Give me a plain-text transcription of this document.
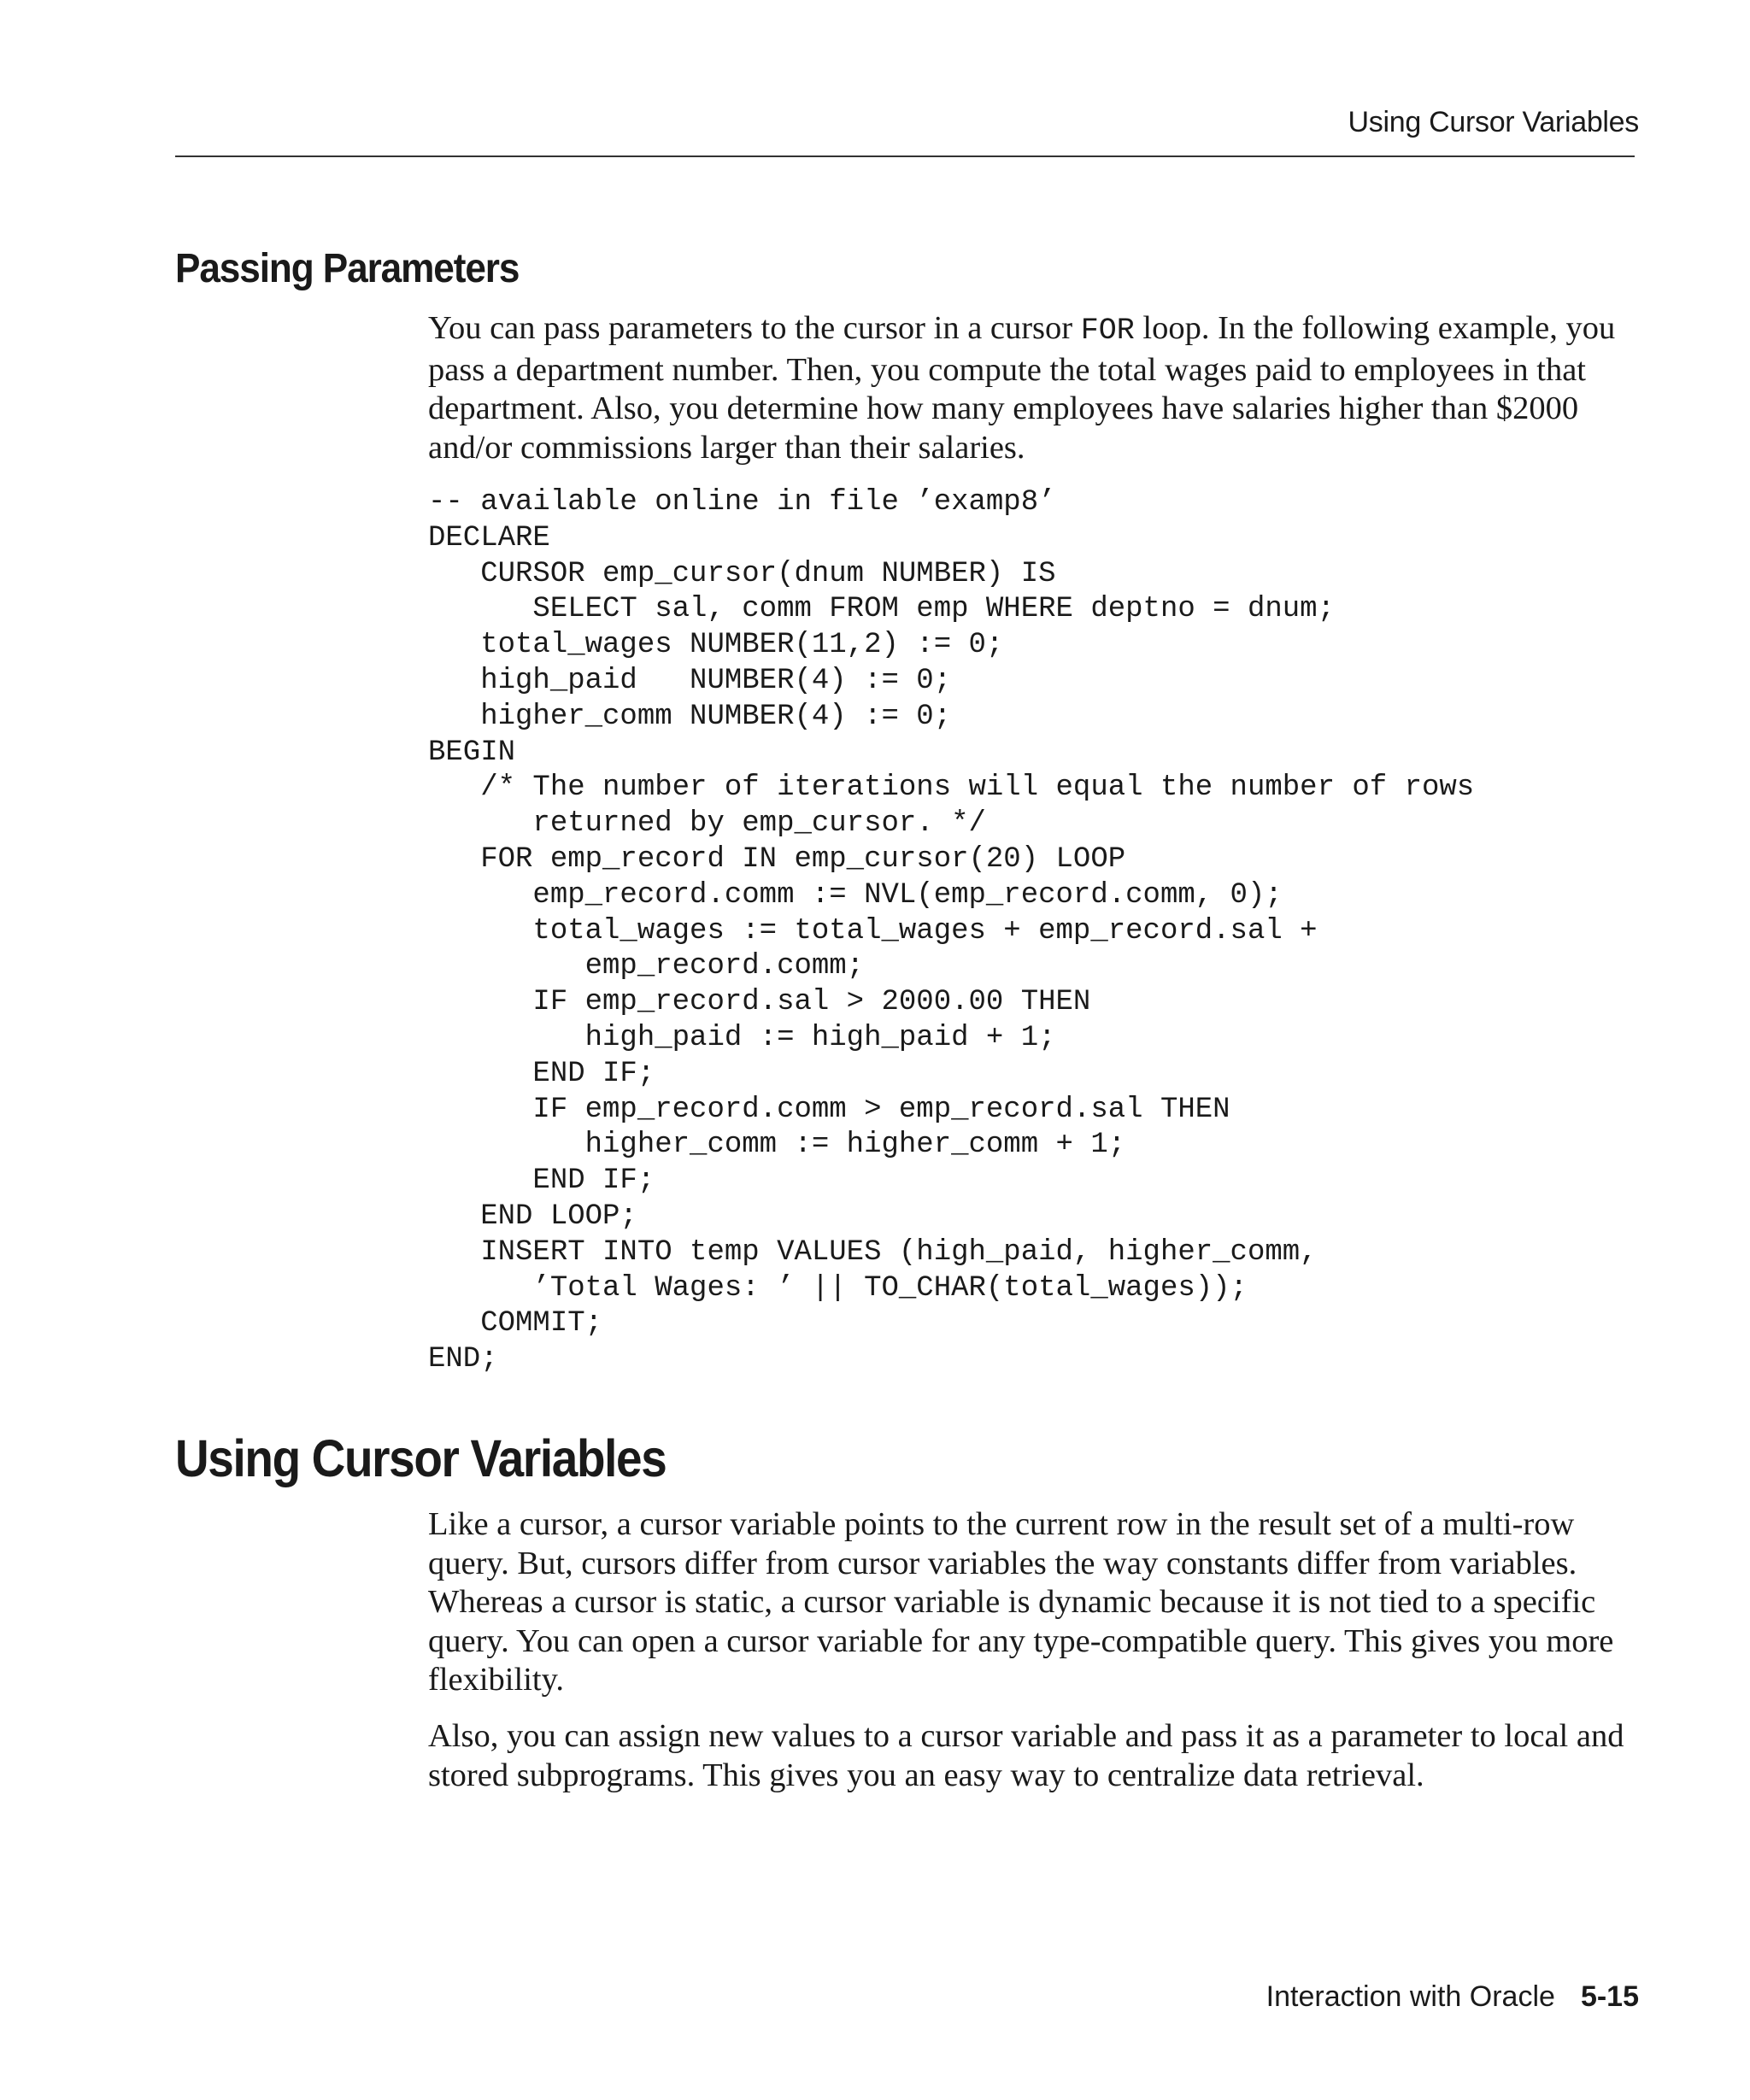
Using Cursor Variables
Passing Parameters

You can pass parameters to the cursor in a cursor FOR loop. In the following example, you pass a department number. Then, you compute the total wages paid to employees in that department. Also, you determine how many employees have salaries higher than $2000 and/or commissions larger than their salaries.

-- available online in file ’examp8’
DECLARE
CURSOR emp_cursor(dnum NUMBER) IS
SELECT sal, comm FROM emp WHERE deptno = dnum;
total_wages NUMBER(11,2) := 0;
high_paid   NUMBER(4) := 0;
higher_comm NUMBER(4) := 0;
BEGIN
/* The number of iterations will equal the number of rows
returned by emp_cursor. */
FOR emp_record IN emp_cursor(20) LOOP
emp_record.comm := NVL(emp_record.comm, 0);
total_wages := total_wages + emp_record.sal +
emp_record.comm;
IF emp_record.sal > 2000.00 THEN
high_paid := high_paid + 1;
END IF;
IF emp_record.comm > emp_record.sal THEN
higher_comm := higher_comm + 1;
END IF;
END LOOP;
INSERT INTO temp VALUES (high_paid, higher_comm,
’Total Wages: ’ || TO_CHAR(total_wages));
COMMIT;
END;
Using Cursor Variables

Like a cursor, a cursor variable points to the current row in the result set of a multi-row query. But, cursors differ from cursor variables the way constants differ from variables. Whereas a cursor is static, a cursor variable is dynamic because it is not tied to a specific query. You can open a cursor variable for any type-compatible query. This gives you more flexibility.

Also, you can assign new values to a cursor variable and pass it as a parameter to local and stored subprograms. This gives you an easy way to centralize data retrieval.

Interaction with Oracle 5-15
